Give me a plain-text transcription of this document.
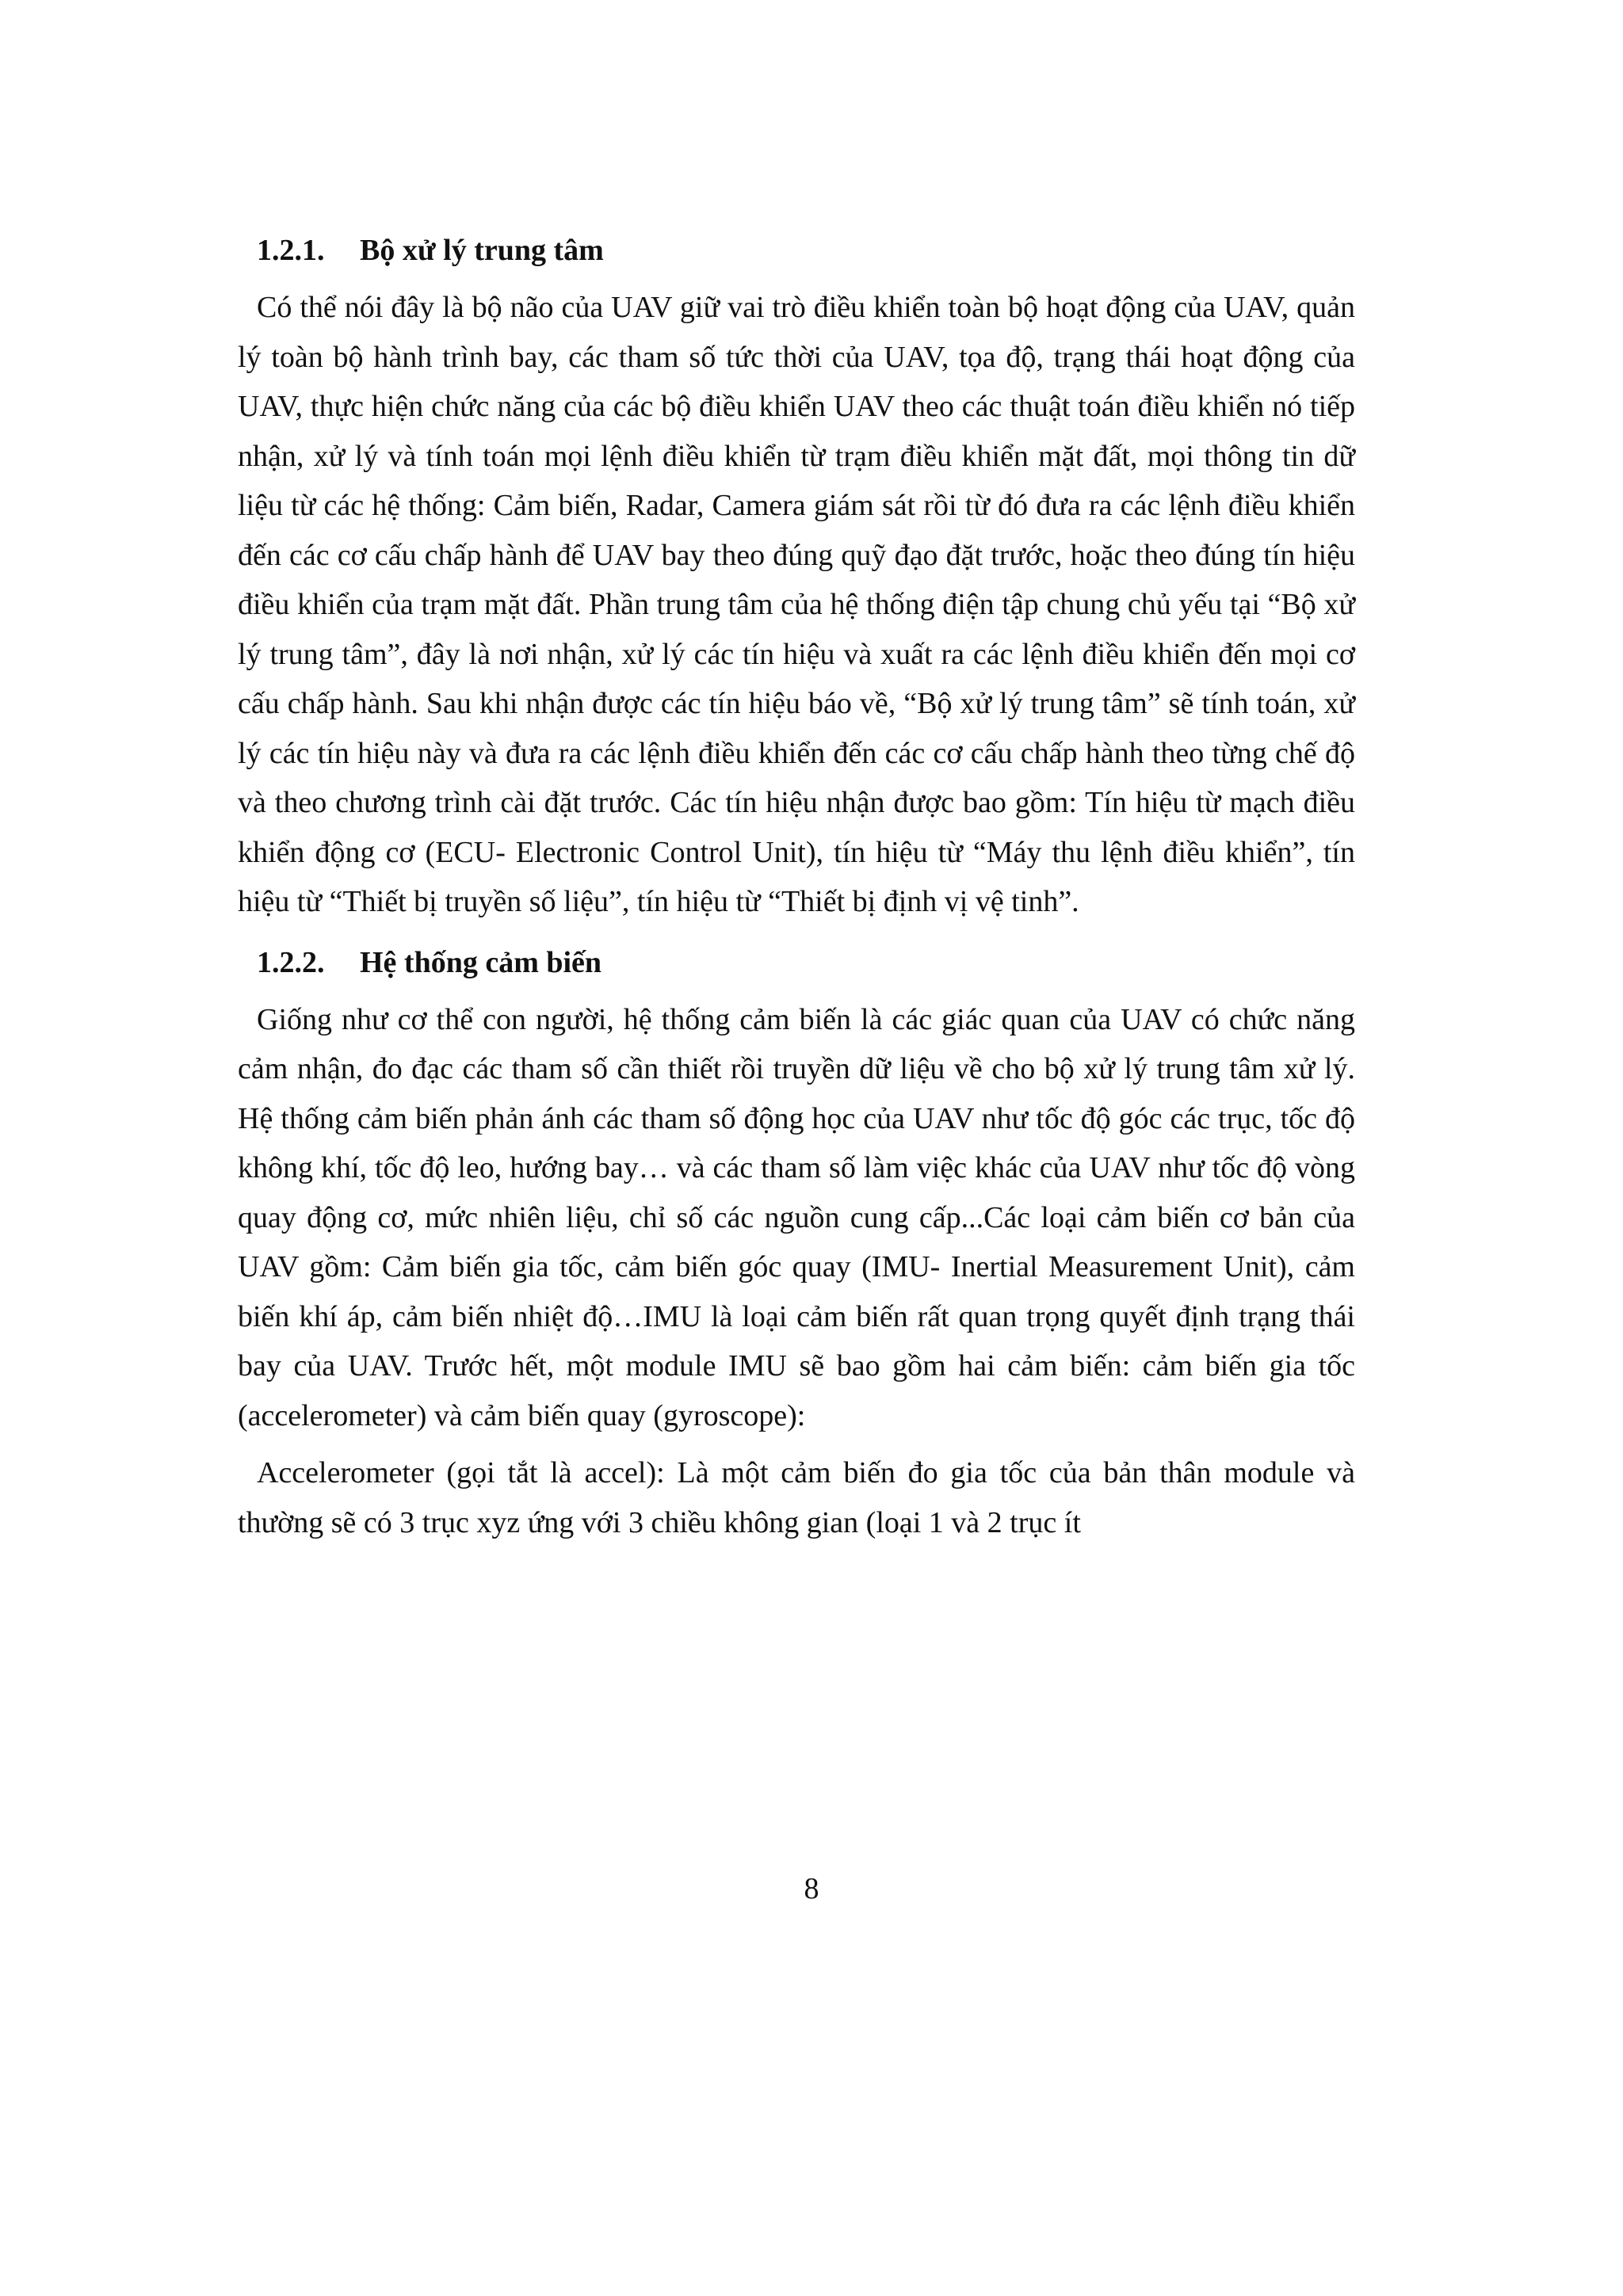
1.2.1. Bộ xử lý trung tâm

Có thể nói đây là bộ não của UAV giữ vai trò điều khiển toàn bộ hoạt động của UAV, quản lý toàn bộ hành trình bay, các tham số tức thời của UAV, tọa độ, trạng thái hoạt động của UAV, thực hiện chức năng của các bộ điều khiển UAV theo các thuật toán điều khiển nó tiếp nhận, xử lý và tính toán mọi lệnh điều khiển từ trạm điều khiển mặt đất, mọi thông tin dữ liệu từ các hệ thống: Cảm biến, Radar, Camera giám sát rồi từ đó đưa ra các lệnh điều khiển đến các cơ cấu chấp hành để UAV bay theo đúng quỹ đạo đặt trước, hoặc theo đúng tín hiệu điều khiển của trạm mặt đất. Phần trung tâm của hệ thống điện tập chung chủ yếu tại “Bộ xử lý trung tâm”, đây là nơi nhận, xử lý các tín hiệu và xuất ra các lệnh điều khiển đến mọi cơ cấu chấp hành. Sau khi nhận được các tín hiệu báo về, “Bộ xử lý trung tâm” sẽ tính toán, xử lý các tín hiệu này và đưa ra các lệnh điều khiển đến các cơ cấu chấp hành theo từng chế độ và theo chương trình cài đặt trước. Các tín hiệu nhận được bao gồm: Tín hiệu từ mạch điều khiển động cơ (ECU- Electronic Control Unit), tín hiệu từ “Máy thu lệnh điều khiển”, tín hiệu từ “Thiết bị truyền số liệu”, tín hiệu từ “Thiết bị định vị vệ tinh”.

1.2.2. Hệ thống cảm biến

Giống như cơ thể con người, hệ thống cảm biến là các giác quan của UAV có chức năng cảm nhận, đo đạc các tham số cần thiết rồi truyền dữ liệu về cho bộ xử lý trung tâm xử lý. Hệ thống cảm biến phản ánh các tham số động học của UAV như tốc độ góc các trục, tốc độ không khí, tốc độ leo, hướng bay… và các tham số làm việc khác của UAV như tốc độ vòng quay động cơ, mức nhiên liệu, chỉ số các nguồn cung cấp...Các loại cảm biến cơ bản của UAV gồm: Cảm biến gia tốc, cảm biến góc quay (IMU- Inertial Measurement Unit), cảm biến khí áp, cảm biến nhiệt độ…IMU là loại cảm biến rất quan trọng quyết định trạng thái bay của UAV. Trước hết, một module IMU sẽ bao gồm hai cảm biến: cảm biến gia tốc (accelerometer) và cảm biến quay (gyroscope):

Accelerometer (gọi tắt là accel): Là một cảm biến đo gia tốc của bản thân module và thường sẽ có 3 trục xyz ứng với 3 chiều không gian (loại 1 và 2 trục ít

8
